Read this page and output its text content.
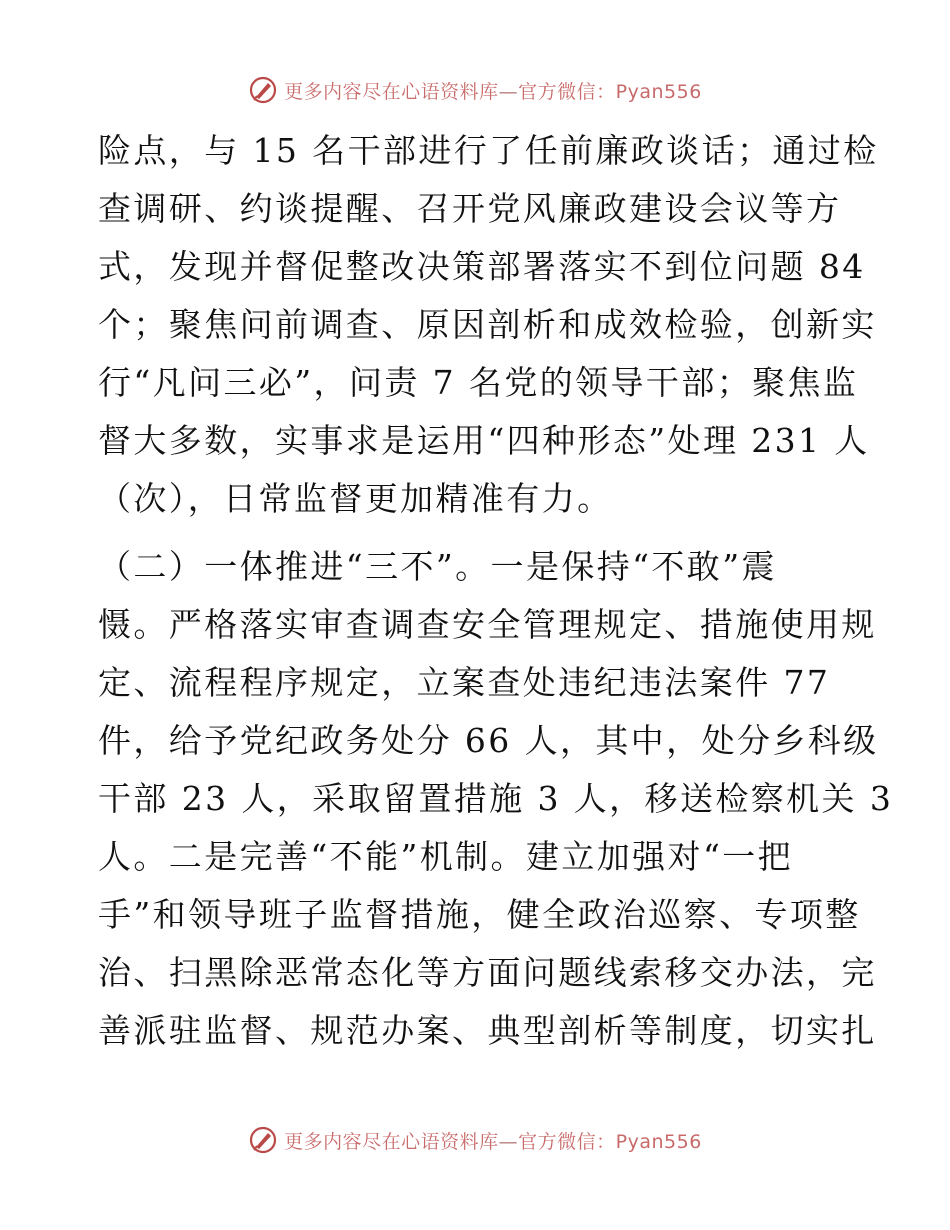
更多内容尽在心语资料库—官方微信：Pyan556
险点，与 15 名干部进行了任前廉政谈话；通过检
查调研、约谈提醒、召开党风廉政建设会议等方
式，发现并督促整改决策部署落实不到位问题 84
个；聚焦问前调查、原因剖析和成效检验，创新实
行“凡问三必”，问责 7 名党的领导干部；聚焦监
督大多数，实事求是运用“四种形态”处理 231 人
（次），日常监督更加精准有力。
（二）一体推进“三不”。一是保持“不敢”震
慑。严格落实审查调查安全管理规定、措施使用规
定、流程程序规定，立案查处违纪违法案件 77
件，给予党纪政务处分 66 人，其中，处分乡科级
干部 23 人，采取留置措施 3 人，移送检察机关 3
人。二是完善“不能”机制。建立加强对“一把
手”和领导班子监督措施，健全政治巡察、专项整
治、扫黑除恶常态化等方面问题线索移交办法，完
善派驻监督、规范办案、典型剖析等制度，切实扎
更多内容尽在心语资料库—官方微信：Pyan556
